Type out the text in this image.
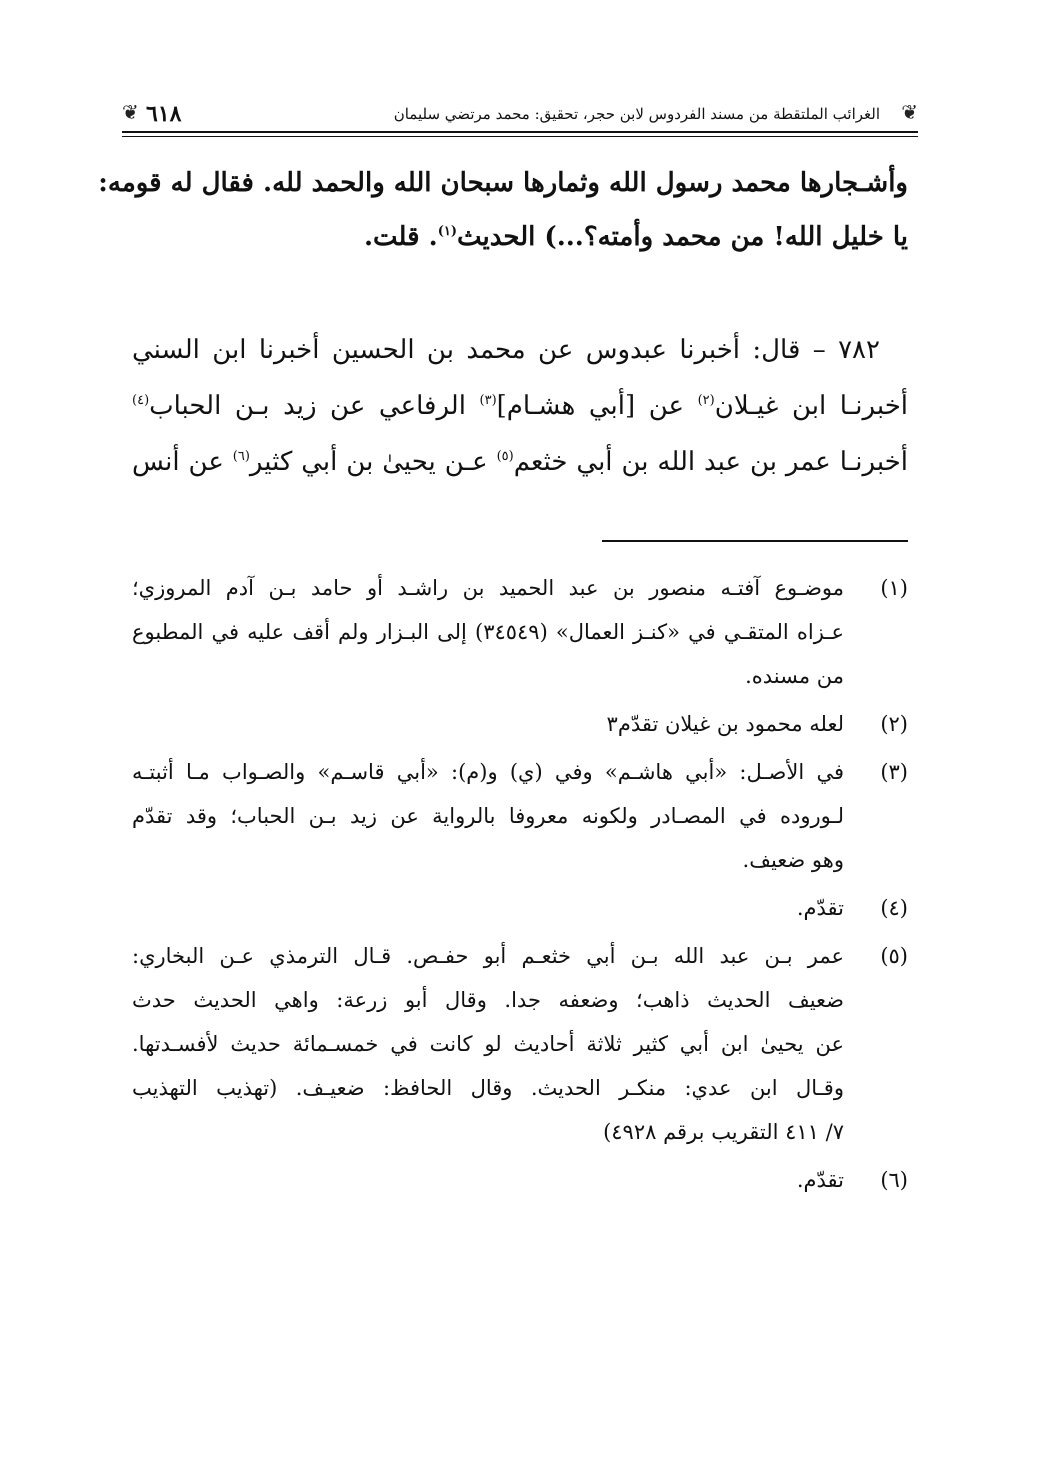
❦
الغرائب الملتقطة من مسند الفردوس لابن حجر، تحقيق: محمد مرتضي سليمان
٦١٨
❦
وأشـجارها محمد رسول الله وثمارها سبحان الله والحمد لله. فقال له قومه:
يا خليل الله! من محمد وأمته؟...) الحديث$^{(١)}$. قلت.
٧٨٢ – قال: أخبرنا عبدوس عن محمد بن الحسين أخبرنا ابن السني
أخبرنـا ابن غيـلان$^{(٢)}$ عن [أبي هشـام]$^{(٣)}$ الرفاعي عن زيد بـن الحباب$^{(٤)}$
أخبرنـا عمر بن عبد الله بن أبي خثعم$^{(٥)}$ عـن يحيىٰ بن أبي كثير$^{(٦)}$ عن أنس
(١)
موضـوع آفتـه منصور بن عبد الحميد بن راشـد أو حامد بـن آدم المروزي؛
عـزاه المتقـي في «كنـز العمال» (٣٤٥٤٩) إلى البـزار ولم أقف عليه في المطبوع
من مسنده.
(٢)
لعله محمود بن غيلان تقدّم٣
(٣)
في الأصـل: «أبي هاشـم» وفي (ي) و(م): «أبي قاسـم» والصـواب مـا أثبتـه
لـوروده في المصـادر ولكونه معروفا بالرواية عن زيد بـن الحباب؛ وقد تقدّم
وهو ضعيف.
(٤)
تقدّم.
(٥)
عمر بـن عبد الله بـن أبي خثعـم أبو حفـص. قـال الترمذي عـن البخاري:
ضعيف الحديث ذاهب؛ وضعفه جدا. وقال أبو زرعة: واهي الحديث حدث
عن يحيىٰ ابن أبي كثير ثلاثة أحاديث لو كانت في خمسـمائة حديث لأفسـدتها.
وقـال ابن عدي: منكـر الحديث. وقال الحافظ: ضعيـف. (تهذيب التهذيب
٧/ ٤١١ التقريب برقم ٤٩٢٨)
(٦)
تقدّم.
